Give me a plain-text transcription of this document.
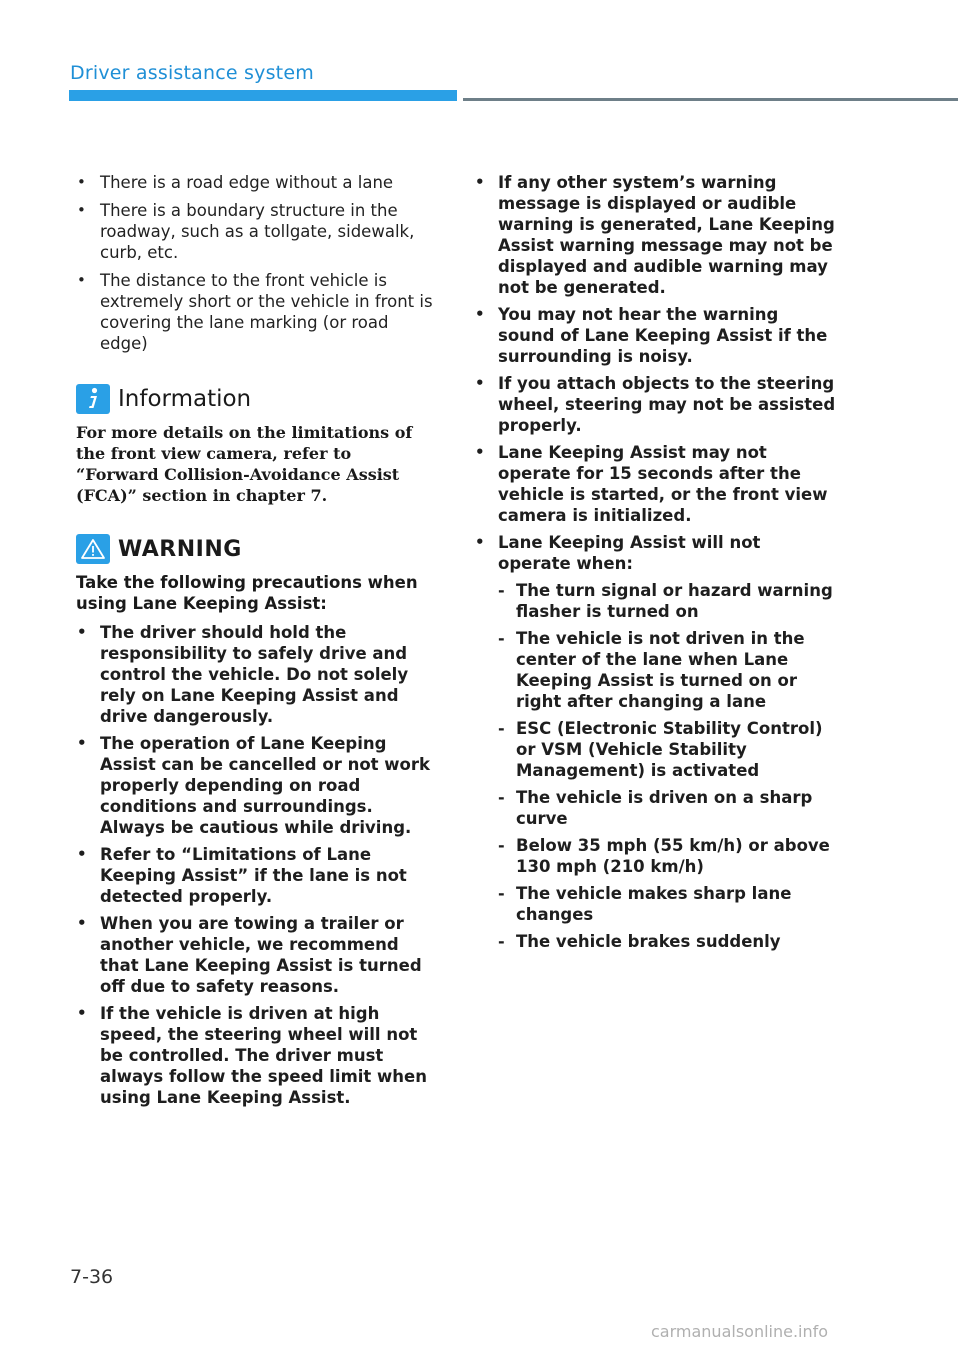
Driver assistance system
• There is a road edge without a lane
• There is a boundary structure in the roadway, such as a tollgate, sidewalk, curb, etc.
• The distance to the front vehicle is extremely short or the vehicle in front is covering the lane marking (or road edge)
Information
For more details on the limitations of the front view camera, refer to “Forward Collision-Avoidance Assist (FCA)” section in chapter 7.
WARNING
Take the following precautions when using Lane Keeping Assist:
• The driver should hold the responsibility to safely drive and control the vehicle. Do not solely rely on Lane Keeping Assist and drive dangerously.
• The operation of Lane Keeping Assist can be cancelled or not work properly depending on road conditions and surroundings. Always be cautious while driving.
• Refer to “Limitations of Lane Keeping Assist” if the lane is not detected properly.
• When you are towing a trailer or another vehicle, we recommend that Lane Keeping Assist is turned off due to safety reasons.
• If the vehicle is driven at high speed, the steering wheel will not be controlled. The driver must always follow the speed limit when using Lane Keeping Assist.
• If any other system’s warning message is displayed or audible warning is generated, Lane Keeping Assist warning message may not be displayed and audible warning may not be generated.
• You may not hear the warning sound of Lane Keeping Assist if the surrounding is noisy.
• If you attach objects to the steering wheel, steering may not be assisted properly.
• Lane Keeping Assist may not operate for 15 seconds after the vehicle is started, or the front view camera is initialized.
• Lane Keeping Assist will not operate when:
- The turn signal or hazard warning flasher is turned on
- The vehicle is not driven in the center of the lane when Lane Keeping Assist is turned on or right after changing a lane
- ESC (Electronic Stability Control) or VSM (Vehicle Stability Management) is activated
- The vehicle is driven on a sharp curve
- Below 35 mph (55 km/h) or above 130 mph (210 km/h)
- The vehicle makes sharp lane changes
- The vehicle brakes suddenly
7-36
carmanualsonline.info
